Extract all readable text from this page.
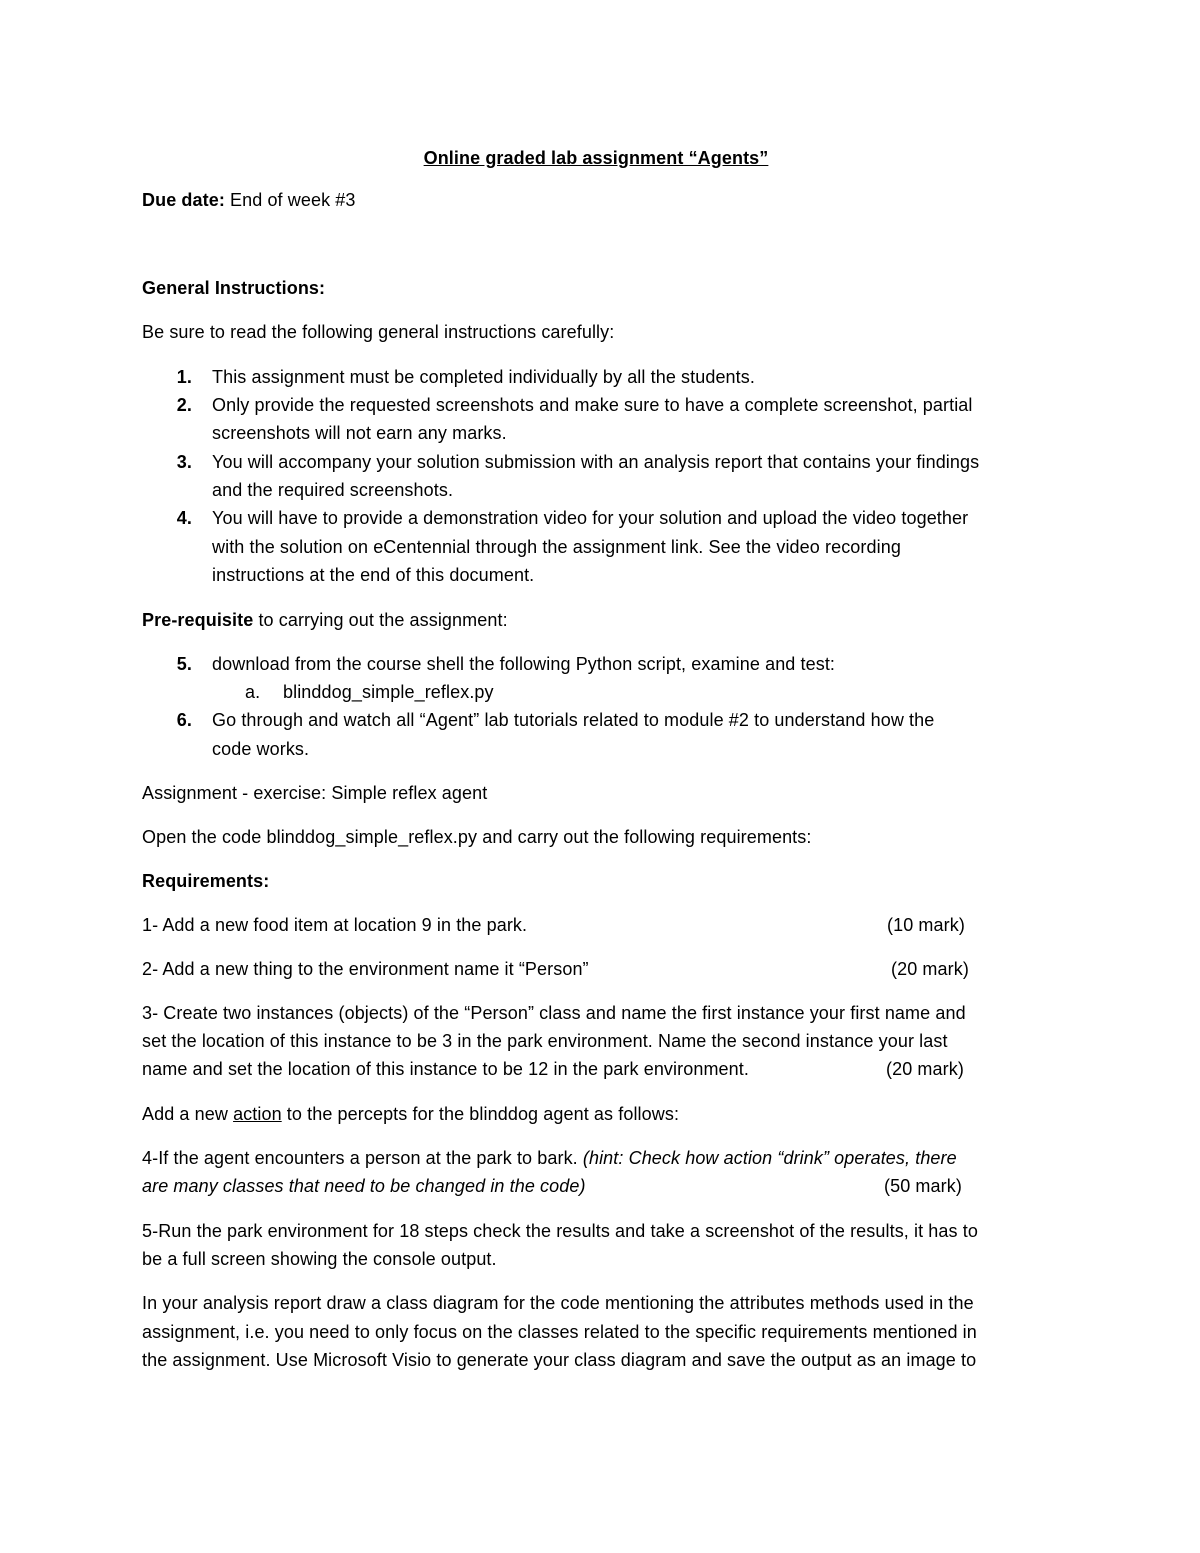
Online graded lab assignment “Agents”
Due date: End of week #3
General Instructions:
Be sure to read the following general instructions carefully:
1. This assignment must be completed individually by all the students.
2. Only provide the requested screenshots and make sure to have a complete screenshot, partial
screenshots will not earn any marks.
3. You will accompany your solution submission with an analysis report that contains your findings
and the required screenshots.
4. You will have to provide a demonstration video for your solution and upload the video together
with the solution on eCentennial through the assignment link. See the video recording
instructions at the end of this document.
Pre-requisite to carrying out the assignment:
5. download from the course shell the following Python script, examine and test:
a. blinddog_simple_reflex.py
6. Go through and watch all “Agent” lab tutorials related to module #2 to understand how the
code works.
Assignment - exercise: Simple reflex agent
Open the code blinddog_simple_reflex.py and carry out the following requirements:
Requirements:
1- Add a new food item at location 9 in the park.	(10 mark)
2- Add a new thing to the environment name it “Person”	(20 mark)
3- Create two instances (objects) of the “Person” class and name the first instance your first name and
set the location of this instance to be 3 in the park environment. Name the second instance your last
name and set the location of this instance to be 12 in the park environment.	(20 mark)
Add a new action to the percepts for the blinddog agent as follows:
4-If the agent encounters a person at the park to bark. (hint: Check how action “drink” operates, there
are many classes that need to be changed in the code)	(50 mark)
5-Run the park environment for 18 steps check the results and take a screenshot of the results, it has to
be a full screen showing the console output.
In your analysis report draw a class diagram for the code mentioning the attributes methods used in the
assignment, i.e. you need to only focus on the classes related to the specific requirements mentioned in
the assignment. Use Microsoft Visio to generate your class diagram and save the output as an image to
